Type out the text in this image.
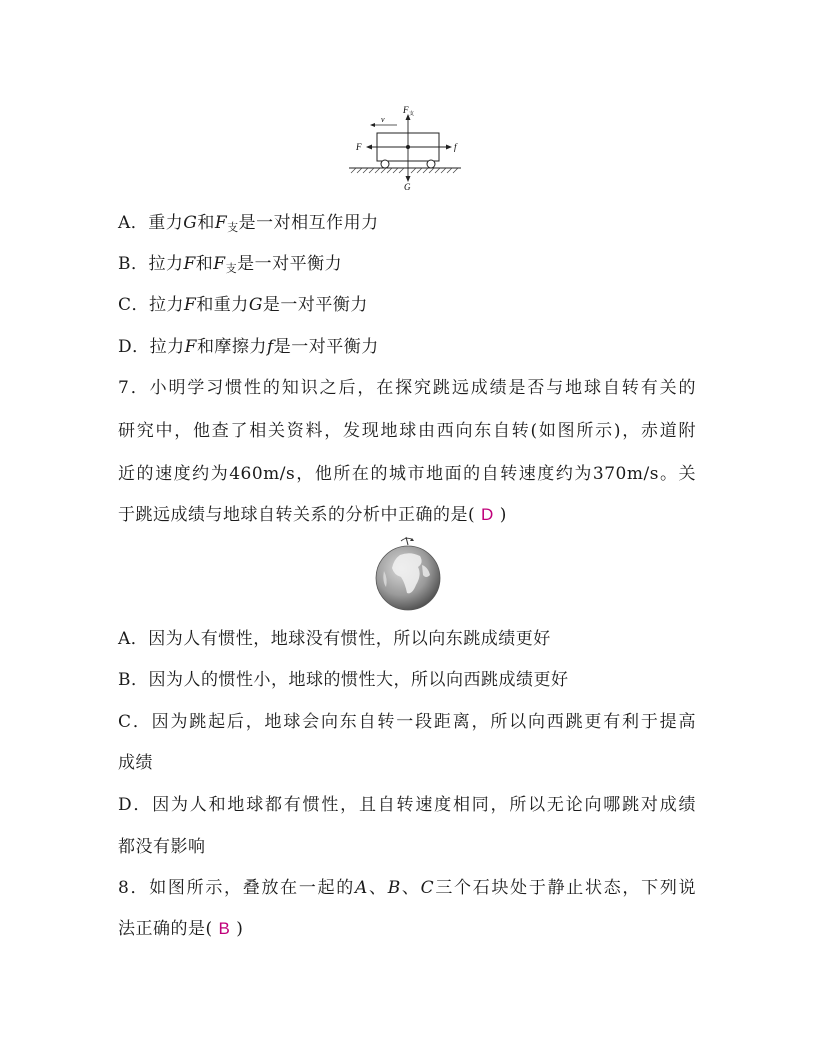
F 支
v
F	f
G
A．重力G和$F_支$是一对相互作用力
B．拉力F和$F_支$是一对平衡力
C．拉力F和重力G是一对平衡力
D．拉力F和摩擦力f是一对平衡力
7．小明学习惯性的知识之后，在探究跳远成绩是否与地球自转有关的
研究中，他查了相关资料，发现地球由西向东自转(如图所示)，赤道附
近的速度约为460m/s，他所在的城市地面的自转速度约为370m/s。关
于跳远成绩与地球自转关系的分析中正确的是( D )
A．因为人有惯性，地球没有惯性，所以向东跳成绩更好
B．因为人的惯性小，地球的惯性大，所以向西跳成绩更好
C．因为跳起后，地球会向东自转一段距离，所以向西跳更有利于提高
成绩
D．因为人和地球都有惯性，且自转速度相同，所以无论向哪跳对成绩
都没有影响
8．如图所示，叠放在一起的A、B、C三个石块处于静止状态，下列说
法正确的是( B )
